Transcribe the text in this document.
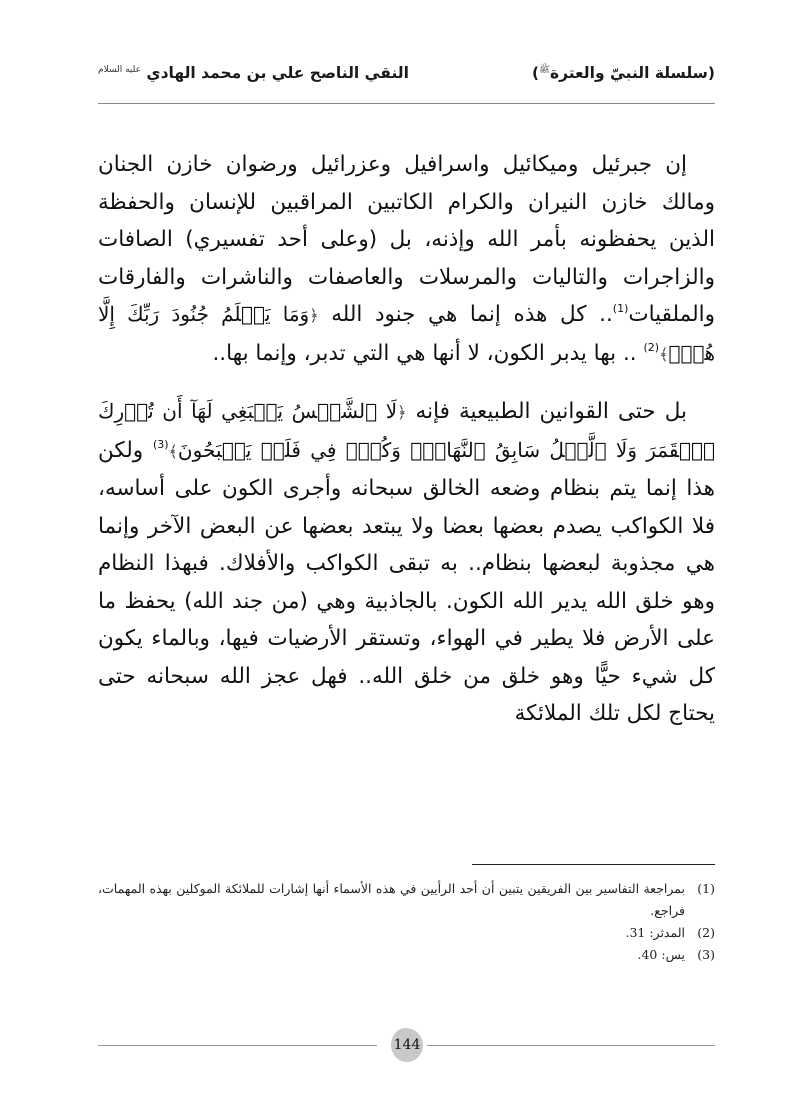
(سلسلة النبيّ والعترة$^ﷺ$)
النقي الناصح علي بن محمد الهادي $^{عليه السلام}$

إن جبرئيل وميكائيل واسرافيل وعزرائيل ورضوان خازن الجنان ومالك خازن النيران والكرام الكاتبين المراقبين للإنسان والحفظة الذين يحفظونه بأمر الله وإذنه، بل (وعلى أحد تفسيري) الصافات والزاجرات والتاليات والمرسلات والعاصفات والناشرات والفارقات والملقيات$^{(1)}$.. كل هذه إنما هي جنود الله ﴿وَمَا يَعۡلَمُ جُنُودَ رَبِّكَ إِلَّا هُوَۚ﴾$^{(2)}$ .. بها يدبر الكون، لا أنها هي التي تدبر، وإنما بها..

بل حتى القوانين الطبيعية فإنه ﴿لَا ٱلشَّمۡسُ يَنۢبَغِي لَهَآ أَن تُدۡرِكَ ٱلۡقَمَرَ وَلَا ٱلَّيۡلُ سَابِقُ ٱلنَّهَارِۚ وَكُلّٞ فِي فَلَكٖ يَسۡبَحُونَ﴾$^{(3)}$ ولكن هذا إنما يتم بنظام وضعه الخالق سبحانه وأجرى الكون على أساسه، فلا الكواكب يصدم بعضها بعضا ولا يبتعد بعضها عن البعض الآخر وإنما هي مجذوبة لبعضها بنظام.. به تبقى الكواكب والأفلاك. فبهذا النظام وهو خلق الله يدير الله الكون. بالجاذبية وهي (من جند الله) يحفظ ما على الأرض فلا يطير في الهواء، وتستقر الأرضيات فيها، وبالماء يكون كل شيء حيًّا وهو خلق من خلق الله.. فهل عجز الله سبحانه حتى يحتاج لكل تلك الملائكة

(1)
بمراجعة التفاسير بين الفريقين يتبين أن أحد الرأيين في هذه الأسماء أنها إشارات للملائكة الموكلين بهذه المهمات، فراجع.
(2)
المدثر: 31.
(3)
يس: 40.
144
